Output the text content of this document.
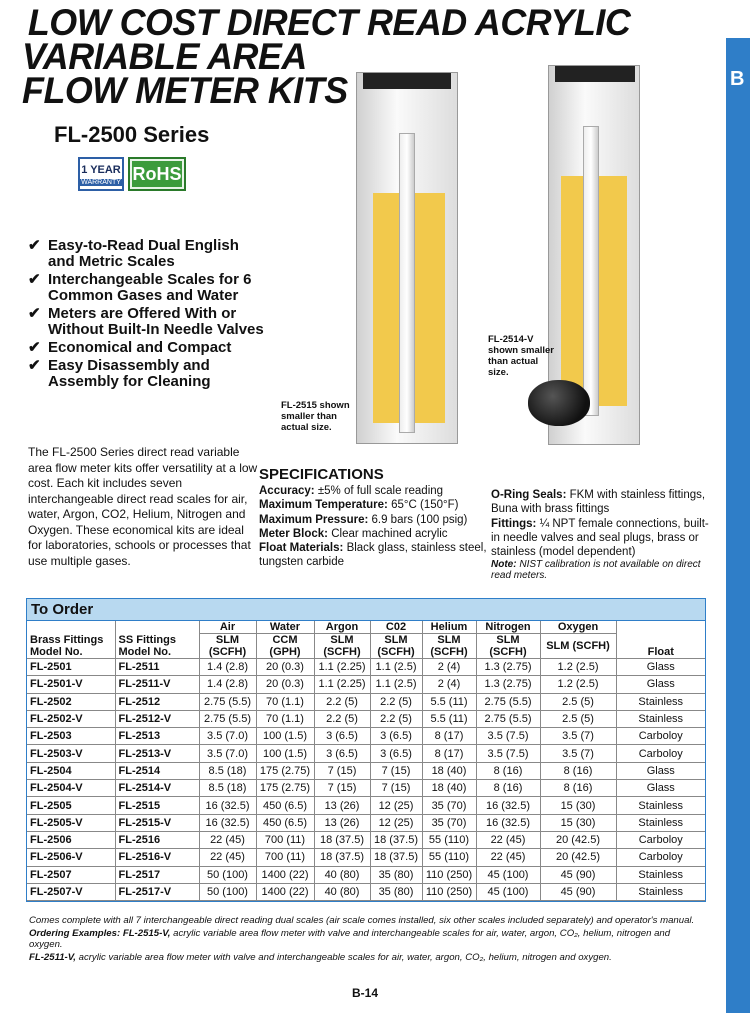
B
LOW COST DIRECT READ ACRYLIC
VARIABLE AREA
FLOW METER KITS
FL-2500 Series
1 YEAR
WARRANTY RoHS
✔ Easy-to-Read Dual English and Metric Scales
✔ Interchangeable Scales for 6 Common Gases and Water
✔ Meters are Offered With or Without Built-In Needle Valves
✔ Economical and Compact
✔ Easy Disassembly and Assembly for Cleaning
The FL-2500 Series direct read variable area flow meter kits offer versatility at a low cost. Each kit includes seven interchangeable direct read scales for air, water, Argon, CO2, Helium, Nitrogen and Oxygen. These economical kits are ideal for laboratories, schools or processes that use multiple gases.
FL-2515 shown smaller than actual size.
FL-2514-V shown smaller than actual size.
SPECIFICATIONS
Accuracy: ±5% of full scale reading
Maximum Temperature: 65°C (150°F)
Maximum Pressure: 6.9 bars (100 psig)
Meter Block: Clear machined acrylic
Float Materials: Black glass, stainless steel, tungsten carbide
O-Ring Seals: FKM with stainless fittings, Buna with brass fittings
Fittings: ¼ NPT female connections, built-in needle valves and seal plugs, brass or stainless (model dependent)
Note: NIST calibration is not available on direct read meters.
To Order
		Air	Water	Argon	C02	Helium	Nitrogen	Oxygen	
Brass Fittings Model No.	SS Fittings Model No.	SLM (SCFH)	CCM (GPH)	SLM (SCFH)	SLM (SCFH)	SLM (SCFH)	SLM (SCFH)	SLM (SCFH)	Float
FL-2501	FL-2511	1.4 (2.8)	20 (0.3)	1.1 (2.25)	1.1 (2.5)	2 (4)	1.3 (2.75)	1.2 (2.5)	Glass
FL-2501-V	FL-2511-V	1.4 (2.8)	20 (0.3)	1.1 (2.25)	1.1 (2.5)	2 (4)	1.3 (2.75)	1.2 (2.5)	Glass
FL-2502	FL-2512	2.75 (5.5)	70 (1.1)	2.2 (5)	2.2 (5)	5.5 (11)	2.75 (5.5)	2.5 (5)	Stainless
FL-2502-V	FL-2512-V	2.75 (5.5)	70 (1.1)	2.2 (5)	2.2 (5)	5.5 (11)	2.75 (5.5)	2.5 (5)	Stainless
FL-2503	FL-2513	3.5 (7.0)	100 (1.5)	3 (6.5)	3 (6.5)	8 (17)	3.5 (7.5)	3.5 (7)	Carboloy
FL-2503-V	FL-2513-V	3.5 (7.0)	100 (1.5)	3 (6.5)	3 (6.5)	8 (17)	3.5 (7.5)	3.5 (7)	Carboloy
FL-2504	FL-2514	8.5 (18)	175 (2.75)	7 (15)	7 (15)	18 (40)	8 (16)	8 (16)	Glass
FL-2504-V	FL-2514-V	8.5 (18)	175 (2.75)	7 (15)	7 (15)	18 (40)	8 (16)	8 (16)	Glass
FL-2505	FL-2515	16 (32.5)	450 (6.5)	13 (26)	12 (25)	35 (70)	16 (32.5)	15 (30)	Stainless
FL-2505-V	FL-2515-V	16 (32.5)	450 (6.5)	13 (26)	12 (25)	35 (70)	16 (32.5)	15 (30)	Stainless
FL-2506	FL-2516	22 (45)	700 (11)	18 (37.5)	18 (37.5)	55 (110)	22 (45)	20 (42.5)	Carboloy
FL-2506-V	FL-2516-V	22 (45)	700 (11)	18 (37.5)	18 (37.5)	55 (110)	22 (45)	20 (42.5)	Carboloy
FL-2507	FL-2517	50 (100)	1400 (22)	40 (80)	35 (80)	110 (250)	45 (100)	45 (90)	Stainless
FL-2507-V	FL-2517-V	50 (100)	1400 (22)	40 (80)	35 (80)	110 (250)	45 (100)	45 (90)	Stainless

Comes complete with all 7 interchangeable direct reading dual scales (air scale comes installed, six other scales included separately) and operator's manual.

Ordering Examples: FL-2515-V, acrylic variable area flow meter with valve and interchangeable scales for air, water, argon, CO₂, helium, nitrogen and oxygen.

FL-2511-V, acrylic variable area flow meter with valve and interchangeable scales for air, water, argon, CO₂, helium, nitrogen and oxygen.

B-14
